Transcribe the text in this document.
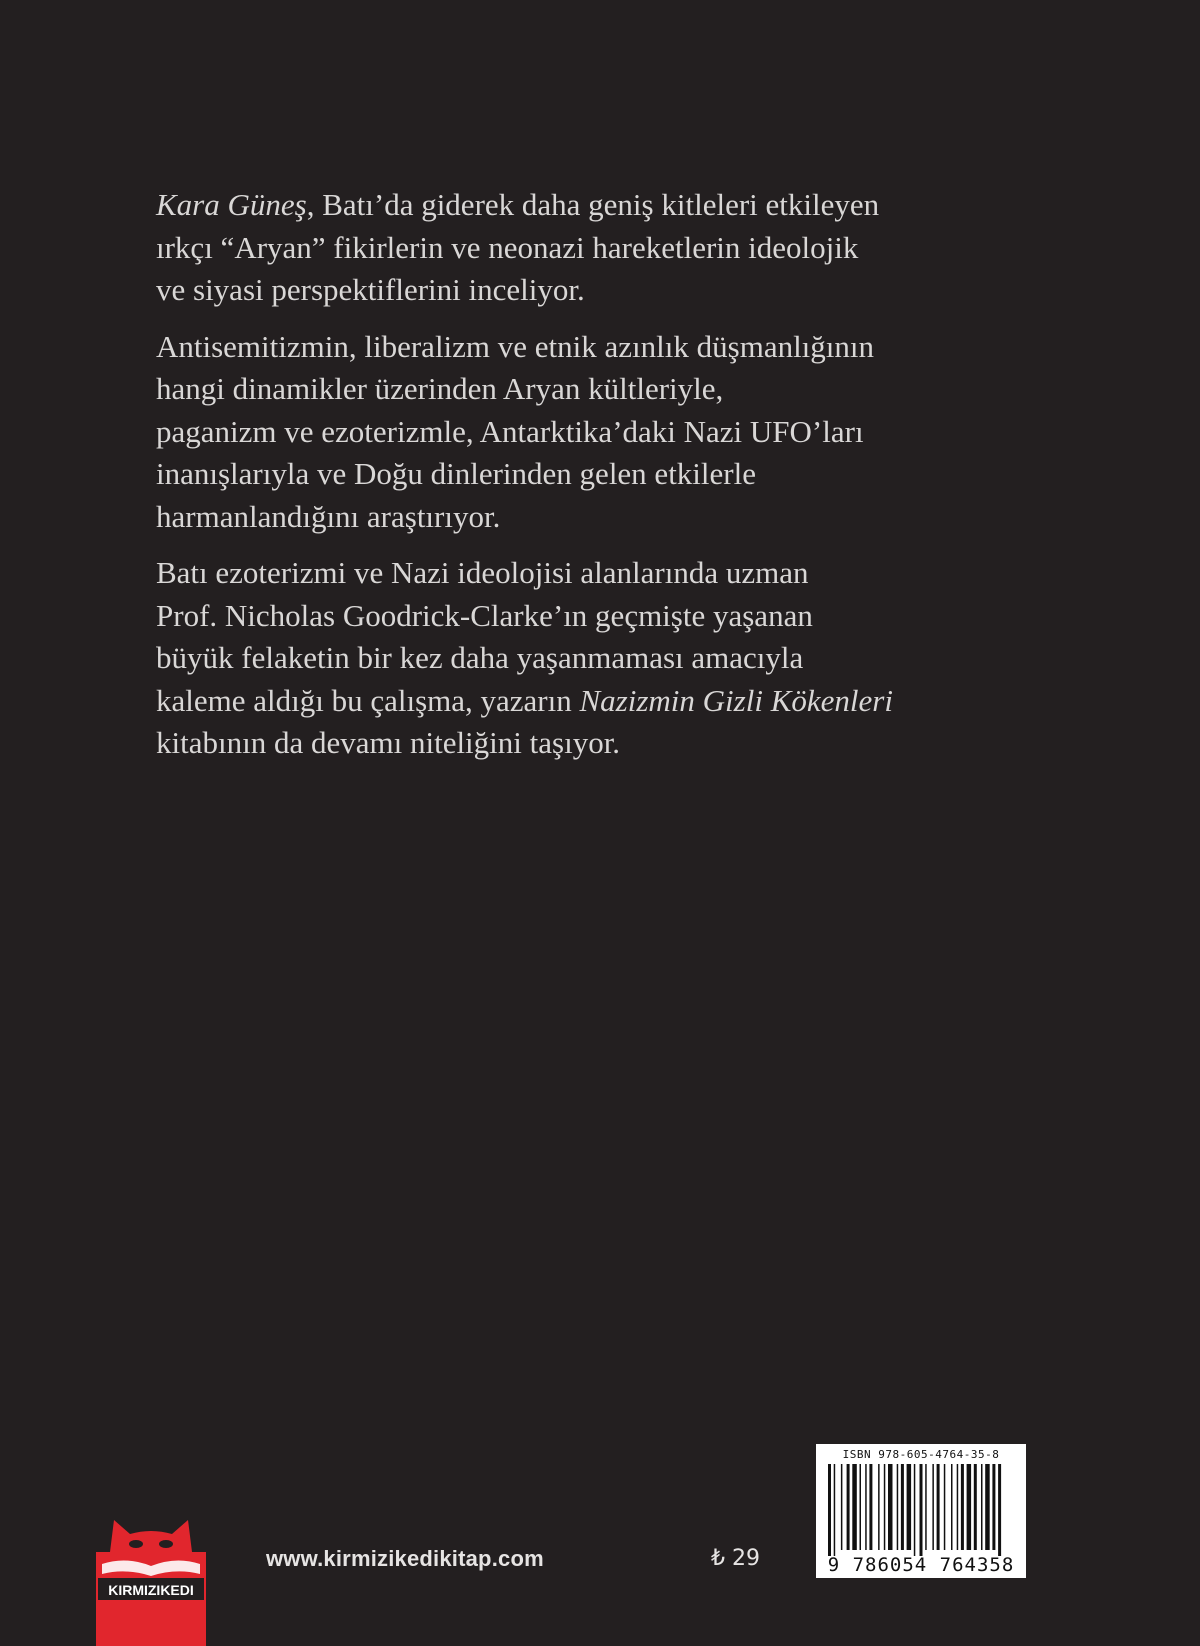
Kara Güneş, Batı’da giderek daha geniş kitleleri etkileyen
ırkçı “Aryan” fikirlerin ve neonazi hareketlerin ideolojik
ve siyasi perspektiflerini inceliyor.

Antisemitizmin, liberalizm ve etnik azınlık düşmanlığının
hangi dinamikler üzerinden Aryan kültleriyle,
paganizm ve ezoterizmle, Antarktika’daki Nazi UFO’ları
inanışlarıyla ve Doğu dinlerinden gelen etkilerle
harmanlandığını araştırıyor.

Batı ezoterizmi ve Nazi ideolojisi alanlarında uzman
Prof. Nicholas Goodrick-Clarke’ın geçmişte yaşanan
büyük felaketin bir kez daha yaşanmaması amacıyla
kaleme aldığı bu çalışma, yazarın Nazizmin Gizli Kökenleri
kitabının da devamı niteliğini taşıyor.

KIRMIZIKEDI
www.kirmizikedikitap.com	₺ 29
ISBN 978-605-4764-35-8
9 786054 764358
